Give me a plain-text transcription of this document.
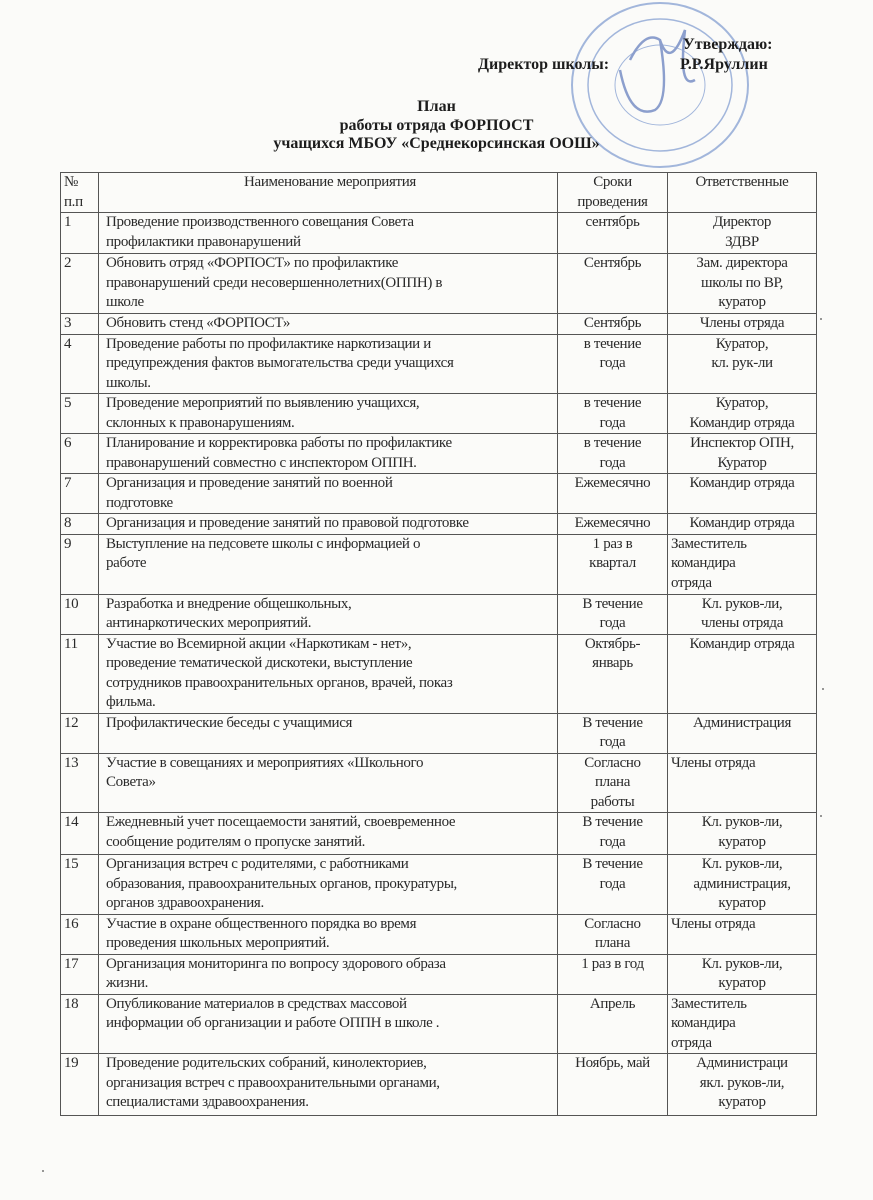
Утверждаю:
Директор школы:	Р.Р.Яруллин
План
работы отряда ФОРПОСТ
учащихся МБОУ «Среднекорсинская ООШ»
№
п.п	Наименование мероприятия	Сроки
проведения	Ответственные
1	Проведение производственного совещания Совета
профилактики правонарушений	сентябрь	Директор
ЗДВР
2	Обновить отряд «ФОРПОСТ» по профилактике
правонарушений среди несовершеннолетних(ОППН) в
школе	Сентябрь	Зам. директора
школы по ВР,
куратор
3	Обновить стенд «ФОРПОСТ»	Сентябрь	Члены отряда
4	Проведение работы по профилактике наркотизации и
предупреждения фактов вымогательства среди учащихся
школы.	в течение
года	Куратор,
кл. рук-ли
5	Проведение мероприятий по выявлению учащихся,
склонных к правонарушениям.	в течение
года	Куратор,
Командир отряда
6	Планирование и корректировка работы по профилактике
правонарушений совместно с инспектором ОППН.	в течение
года	Инспектор ОПН,
Куратор
7	Организация и проведение занятий по военной
подготовке	Ежемесячно	Командир отряда
8	Организация и проведение занятий по правовой подготовке	Ежемесячно	Командир отряда
9	Выступление на педсовете школы с информацией о
работе	1 раз в
квартал	Заместитель
командира
отряда
10	Разработка и внедрение общешкольных,
антинаркотических мероприятий.	В течение
года	Кл. руков-ли,
члены отряда
11	Участие во Всемирной акции «Наркотикам - нет»,
проведение тематической дискотеки, выступление
сотрудников правоохранительных органов, врачей, показ
фильма.	Октябрь-
январь	Командир отряда
12	Профилактические беседы с учащимися	В течение
года	Администрация
13	Участие в совещаниях и мероприятиях «Школьного
Совета»	Согласно
плана
работы	Члены отряда
14	Ежедневный учет посещаемости занятий, своевременное
сообщение родителям о пропуске занятий.	В течение
года	Кл. руков-ли,
куратор
15	Организация встреч с родителями, с работниками
образования, правоохранительных органов, прокуратуры,
органов здравоохранения.	В течение
года	Кл. руков-ли,
администрация,
куратор
16	Участие в охране общественного порядка во время
проведения школьных мероприятий.	Согласно
плана	Члены отряда
17	Организация мониторинга по вопросу здорового образа
жизни.	1 раз в год	Кл. руков-ли,
куратор
18	Опубликование материалов в средствах массовой
информации об организации и работе ОППН в школе .	Апрель	Заместитель
командира
отряда
19	Проведение родительских собраний, кинолекториев,
организация встреч с правоохранительными органами,
специалистами здравоохранения.	Ноябрь, май	Администраци
якл. руков-ли,
куратор
